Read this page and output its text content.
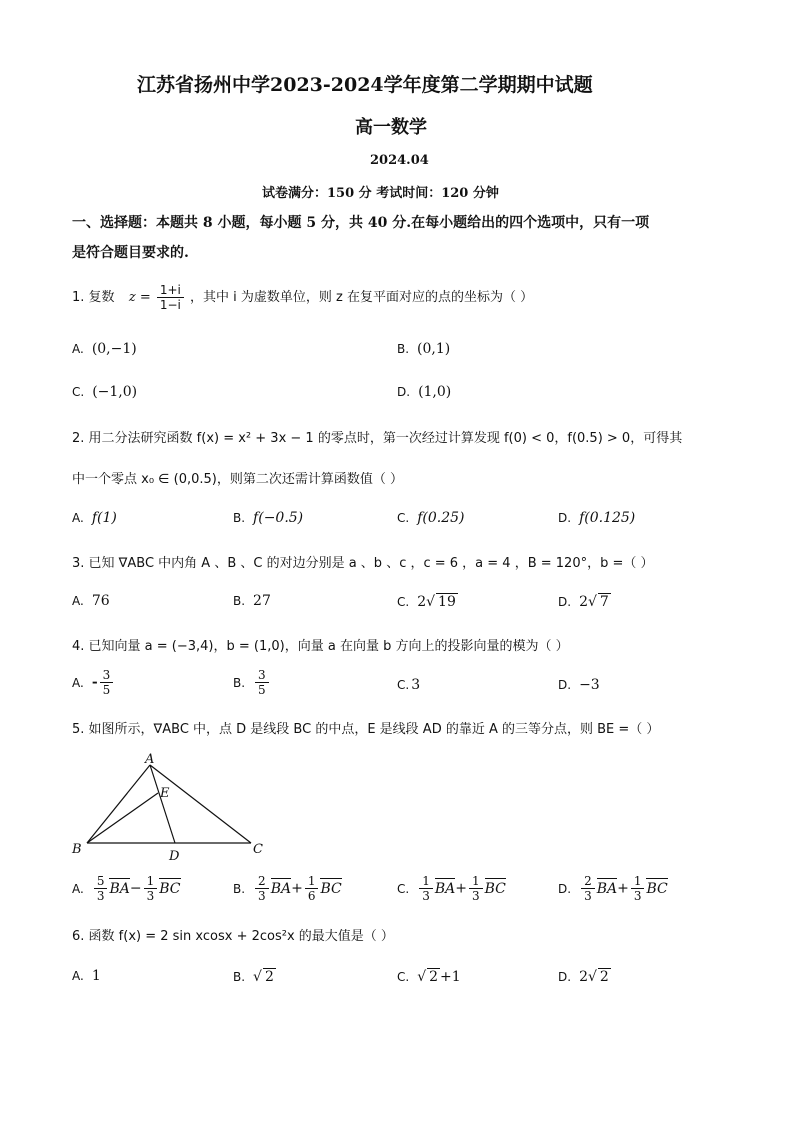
江苏省扬州中学2023-2024学年度第二学期期中试题
高一数学
2024.04
试卷满分：150 分 考试时间：120 分钟
一、选择题：本题共 8 小题，每小题 5 分，共 40 分.在每小题给出的四个选项中，只有一项
是符合题目要求的.
1. 复数 $z = \frac{1+i}{1-i}$ ，其中 i 为虚数单位，则 z 在复平面对应的点的坐标为（ ）
A. (0,−1)	B. (0,1)
C. (−1,0)	D. (1,0)
2. 用二分法研究函数 f(x) = x² + 3x − 1 的零点时，第一次经过计算发现 f(0) < 0，f(0.5) > 0，可得其
中一个零点 x₀ ∈ (0,0.5)，则第二次还需计算函数值（ ）
A. f(1)	B. f(−0.5)	C. f(0.25)	D. f(0.125)
3. 已知 ∇ABC 中内角 A 、B 、C 的对边分别是 a 、b 、c ，c = 6 ，a = 4 ，B = 120°，b =（ ）
A. 76	B. 27	C. 2√ 19	D. 2√ 7
4. 已知向量 a = (−3,4)，b = (1,0)，向量 a 在向量 b 方向上的投影向量的模为（ ）
A. - $\frac{3}{5}$	B. $\frac{3}{5}$	C. 3	D. −3
5. 如图所示，∇ABC 中，点 D 是线段 BC 的中点，E 是线段 AD 的靠近 A 的三等分点，则 BE =（ ）
A
E
B	D	C
A. $\frac{5}{3} BA- \frac{1}{3}$ BC	B. $\frac{2}{3} BA+ \frac{1}{6}$ BC	C. $\frac{1}{3} BA+ \frac{1}{3}$ BC	D. $\frac{2}{3} BA+ \frac{1}{3}$ BC
6. 函数 f(x) = 2 sin xcosx + 2cos²x 的最大值是（ ）
A. 1	B. √ 2	C. √ 2 +1	D. 2√ 2
